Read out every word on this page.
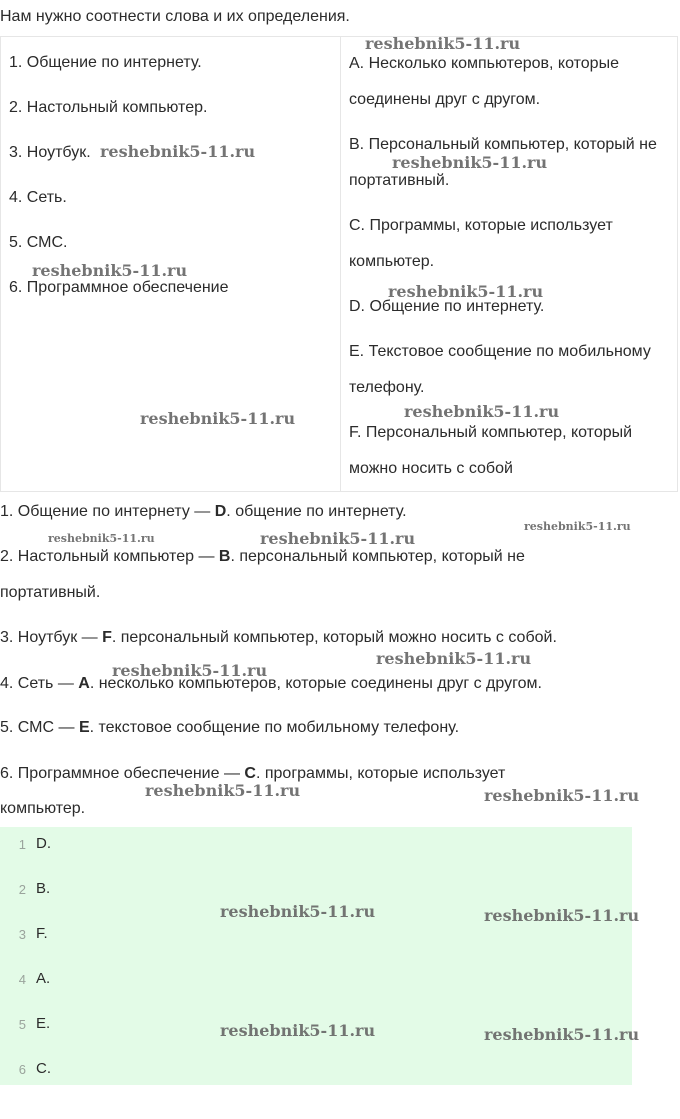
Нам нужно соотнести слова и их определения.
1. Общение по интернету.
2. Настольный компьютер.
3. Ноутбук.
4. Сеть.
5. СМС.
6. Программное обеспечение
A. Несколько компьютеров, которые соединены друг с другом.
B. Персональный компьютер, который не портативный.
C. Программы, которые использует компьютер.
D. Общение по интернету.
E. Текстовое сообщение по мобильному телефону.
F. Персональный компьютер, который можно носить с собой
1. Общение по интернету — D. общение по интернету.
2. Настольный компьютер — B. персональный компьютер, который не
портативный.
3. Ноутбук — F. персональный компьютер, который можно носить с собой.
4. Сеть — A. несколько компьютеров, которые соединены друг с другом.
5. СМС — E. текстовое сообщение по мобильному телефону.
6. Программное обеспечение — C. программы, которые использует
компьютер.
1 D.
2 B.
3 F.
4 A.
5 E.
6 C.
reshebnik5-11.ru
reshebnik5-11.ru
reshebnik5-11.ru
reshebnik5-11.ru
reshebnik5-11.ru
reshebnik5-11.ru
reshebnik5-11.ru
reshebnik5-11.ru	reshebnik5-11.ru
reshebnik5-11.ru
reshebnik5-11.ru
reshebnik5-11.ru
reshebnik5-11.ru	reshebnik5-11.ru
reshebnik5-11.ru	reshebnik5-11.ru
reshebnik5-11.ru	reshebnik5-11.ru
